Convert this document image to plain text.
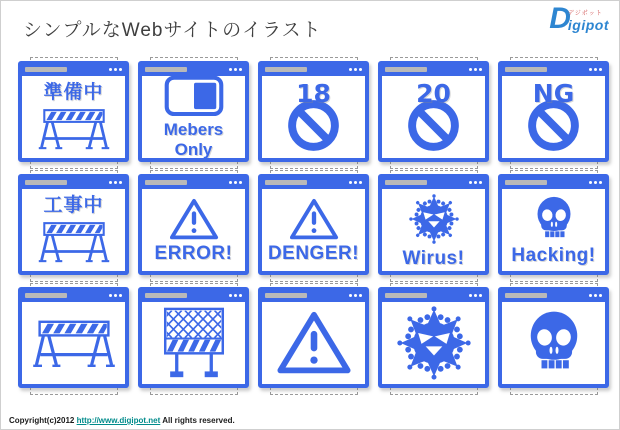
シンプルなWebサイトのイラスト	D
デジポット
igipot
準備中
Mebers Only
18	20	NG
工事中
ERROR! DENGER! Wirus! Hacking!
Copyright(c)2012 http://www.digipot.net All rights reserved.
